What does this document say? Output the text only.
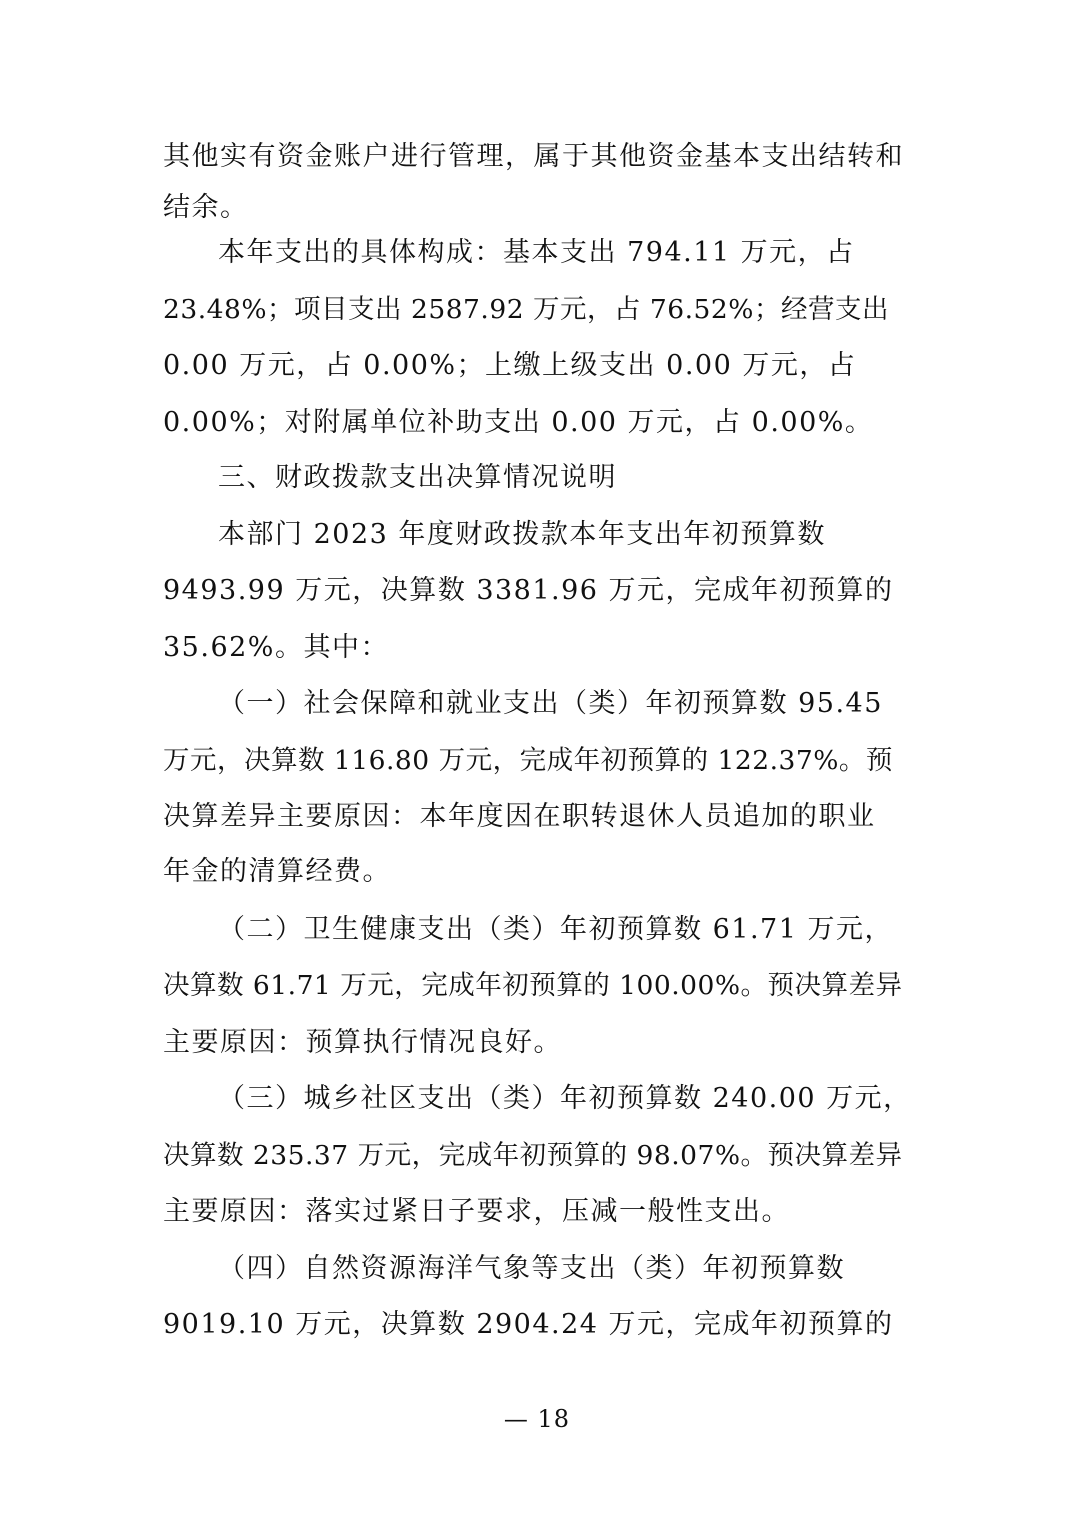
其他实有资金账户进行管理，属于其他资金基本支出结转和
结余。
本年支出的具体构成：基本支出 794.11 万元，占
23.48%；项目支出 2587.92 万元，占 76.52%；经营支出
0.00 万元，占 0.00%；上缴上级支出 0.00 万元，占
0.00%；对附属单位补助支出 0.00 万元，占 0.00%。
三、财政拨款支出决算情况说明
本部门 2023 年度财政拨款本年支出年初预算数
9493.99 万元，决算数 3381.96 万元，完成年初预算的
35.62%。其中：
（一）社会保障和就业支出（类）年初预算数 95.45
万元，决算数 116.80 万元，完成年初预算的 122.37%。预
决算差异主要原因：本年度因在职转退休人员追加的职业
年金的清算经费。
（二）卫生健康支出（类）年初预算数 61.71 万元，
决算数 61.71 万元，完成年初预算的 100.00%。预决算差异
主要原因：预算执行情况良好。
（三）城乡社区支出（类）年初预算数 240.00 万元，
决算数 235.37 万元，完成年初预算的 98.07%。预决算差异
主要原因：落实过紧日子要求，压减一般性支出。
（四）自然资源海洋气象等支出（类）年初预算数
9019.10 万元，决算数 2904.24 万元，完成年初预算的
— 18
